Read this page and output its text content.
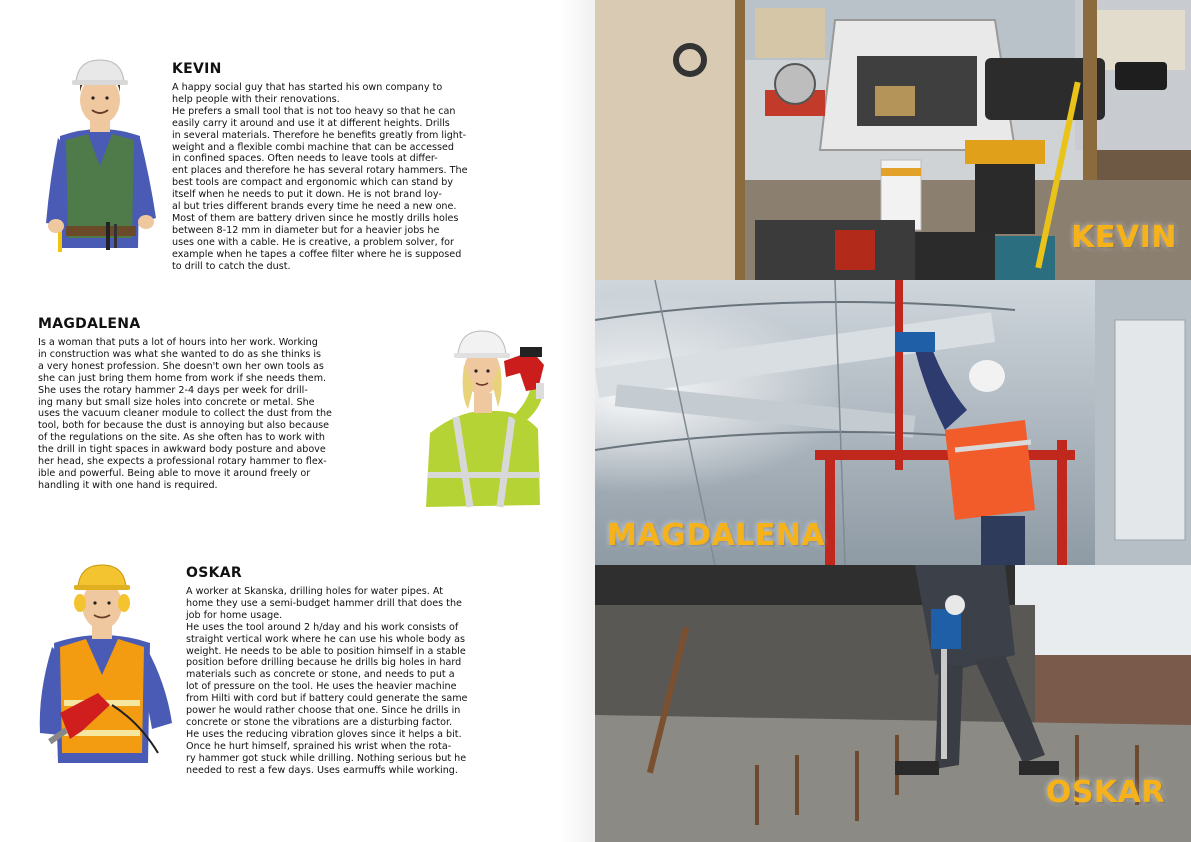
KEVIN
A happy social guy that has started his own company to
help people with their renovations.
He prefers a small tool that is not too heavy so that he can
easily carry it around and use it at different heights. Drills
in several materials. Therefore he benefits greatly from light-
weight and a flexible combi machine that can be accessed
in confined spaces. Often needs to leave tools at differ-
ent places and therefore he has several rotary hammers. The
best tools are compact and ergonomic which can stand by
itself when he needs to put it down. He is not brand loy-
al but tries different brands every time he need a new one.
Most of them are battery driven since he mostly drills holes
between 8-12 mm in diameter but for a heavier jobs he
uses one with a cable. He is creative, a problem solver, for
example when he tapes a coffee filter where he is supposed
to drill to catch the dust.
MAGDALENA
Is a woman that puts a lot of hours into her work. Working
in construction was what she wanted to do as she thinks is
a very honest profession. She doesn't own her own tools as
she can just bring them home from work if she needs them.
She uses the rotary hammer 2-4 days per week for drill-
ing many but small size holes into concrete or metal. She
uses the vacuum cleaner module to collect the dust from the
tool, both for because the dust is annoying but also because
of the regulations on the site. As she often has to work with
the drill in tight spaces in awkward body posture and above
her head, she expects a professional rotary hammer to flex-
ible and powerful. Being able to move it around freely or
handling it with one hand is required.
OSKAR
A worker at Skanska, drilling holes for water pipes. At
home they use a semi-budget hammer drill that does the
job for home usage.
He uses the tool around 2 h/day and his work consists of
straight vertical work where he can use his whole body as
weight. He needs to be able to position himself in a stable
position before drilling because he drills big holes in hard
materials such as concrete or stone, and needs to put a
lot of pressure on the tool. He uses the heavier machine
from Hilti with cord but if battery could generate the same
power he would rather choose that one. Since he drills in
concrete or stone the vibrations are a disturbing factor.
He uses the reducing vibration gloves since it helps a bit.
Once he hurt himself, sprained his wrist when the rota-
ry hammer got stuck while drilling. Nothing serious but he
needed to rest a few days. Uses earmuffs while working.
KEVIN
MAGDALENA
OSKAR
